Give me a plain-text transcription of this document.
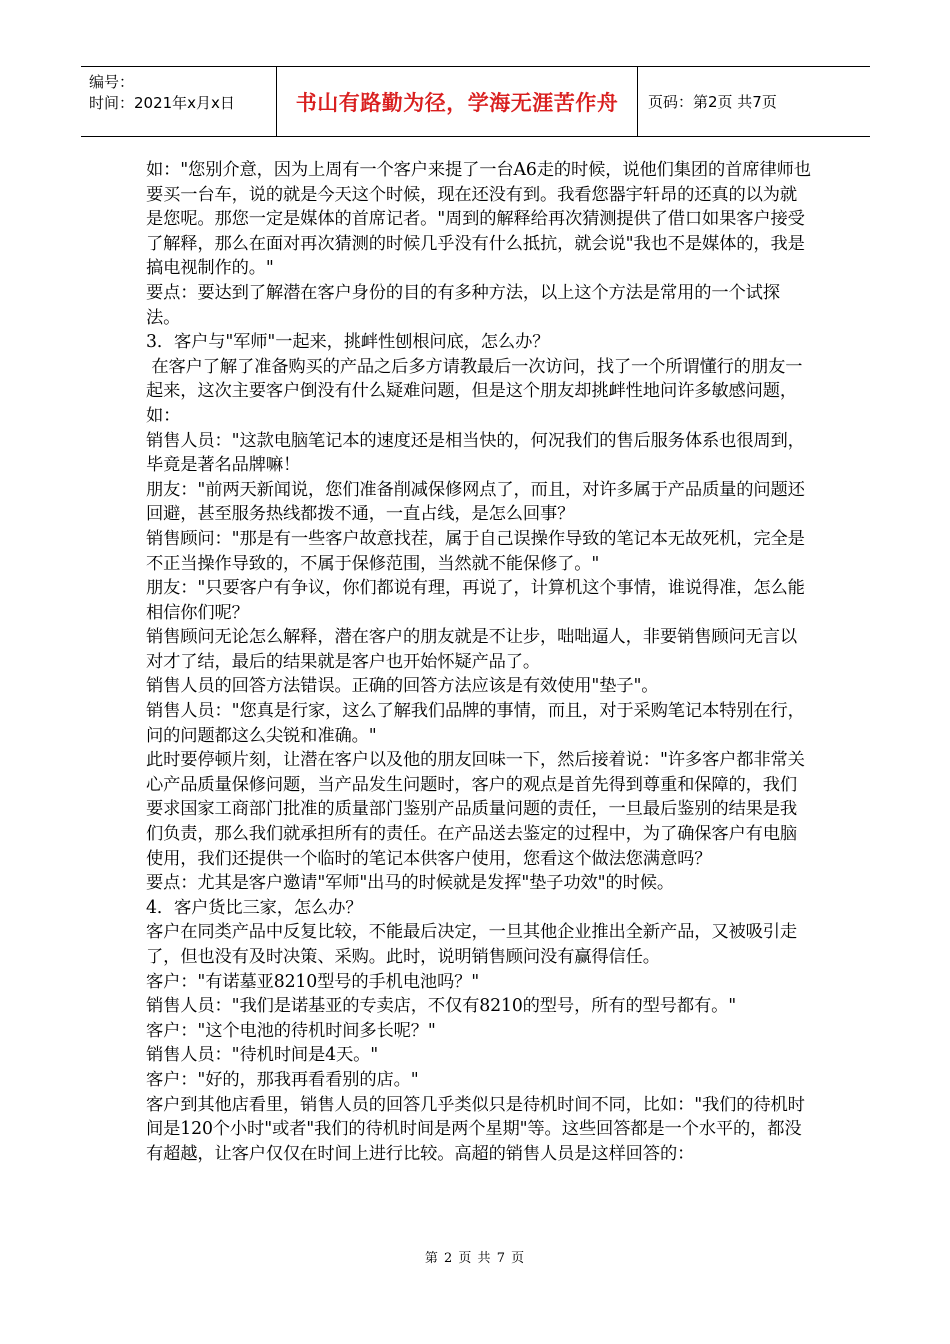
编号：
时间：2021年x月x日	书山有路勤为径，学海无涯苦作舟	页码：第2页 共7页

如："您别介意，因为上周有一个客户来提了一台A6走的时候，说他们集团的首席律师也要买一台车，说的就是今天这个时候，现在还没有到。我看您器宇轩昂的还真的以为就是您呢。那您一定是媒体的首席记者。"周到的解释给再次猜测提供了借口如果客户接受了解释，那么在面对再次猜测的时候几乎没有什么抵抗，就会说"我也不是媒体的，我是搞电视制作的。"

要点：要达到了解潜在客户身份的目的有多种方法，以上这个方法是常用的一个试探法。

3．客户与"军师"一起来，挑衅性刨根问底，怎么办？

在客户了解了准备购买的产品之后多方请教最后一次访问，找了一个所谓懂行的朋友一起来，这次主要客户倒没有什么疑难问题，但是这个朋友却挑衅性地问许多敏感问题，如：

销售人员："这款电脑笔记本的速度还是相当快的，何况我们的售后服务体系也很周到，毕竟是著名品牌嘛！

朋友："前两天新闻说，您们准备削减保修网点了，而且，对许多属于产品质量的问题还回避，甚至服务热线都拨不通，一直占线，是怎么回事？

销售顾问："那是有一些客户故意找茬，属于自己误操作导致的笔记本无故死机，完全是不正当操作导致的，不属于保修范围，当然就不能保修了。"

朋友："只要客户有争议，你们都说有理，再说了，计算机这个事情，谁说得准，怎么能相信你们呢？

销售顾问无论怎么解释，潜在客户的朋友就是不让步，咄咄逼人，非要销售顾问无言以对才了结，最后的结果就是客户也开始怀疑产品了。

销售人员的回答方法错误。正确的回答方法应该是有效使用"垫子"。

销售人员："您真是行家，这么了解我们品牌的事情，而且，对于采购笔记本特别在行，问的问题都这么尖锐和准确。"

此时要停顿片刻，让潜在客户以及他的朋友回味一下，然后接着说："许多客户都非常关心产品质量保修问题，当产品发生问题时，客户的观点是首先得到尊重和保障的，我们要求国家工商部门批准的质量部门鉴别产品质量问题的责任，一旦最后鉴别的结果是我们负责，那么我们就承担所有的责任。在产品送去鉴定的过程中，为了确保客户有电脑使用，我们还提供一个临时的笔记本供客户使用，您看这个做法您满意吗？

要点：尤其是客户邀请"军师"出马的时候就是发挥"垫子功效"的时候。

4．客户货比三家，怎么办？

客户在同类产品中反复比较，不能最后决定，一旦其他企业推出全新产品，又被吸引走了，但也没有及时决策、采购。此时，说明销售顾问没有赢得信任。

客户："有诺墓亚8210型号的手机电池吗？"

销售人员："我们是诺基亚的专卖店，不仅有8210的型号，所有的型号都有。"

客户："这个电池的待机时间多长呢？"

销售人员："待机时间是4天。"

客户："好的，那我再看看别的店。"

客户到其他店看里，销售人员的回答几乎类似只是待机时间不同，比如："我们的待机时间是120个小时"或者"我们的待机时间是两个星期"等。这些回答都是一个水平的，都没有超越，让客户仅仅在时间上进行比较。高超的销售人员是这样回答的：

第 2 页 共 7 页
